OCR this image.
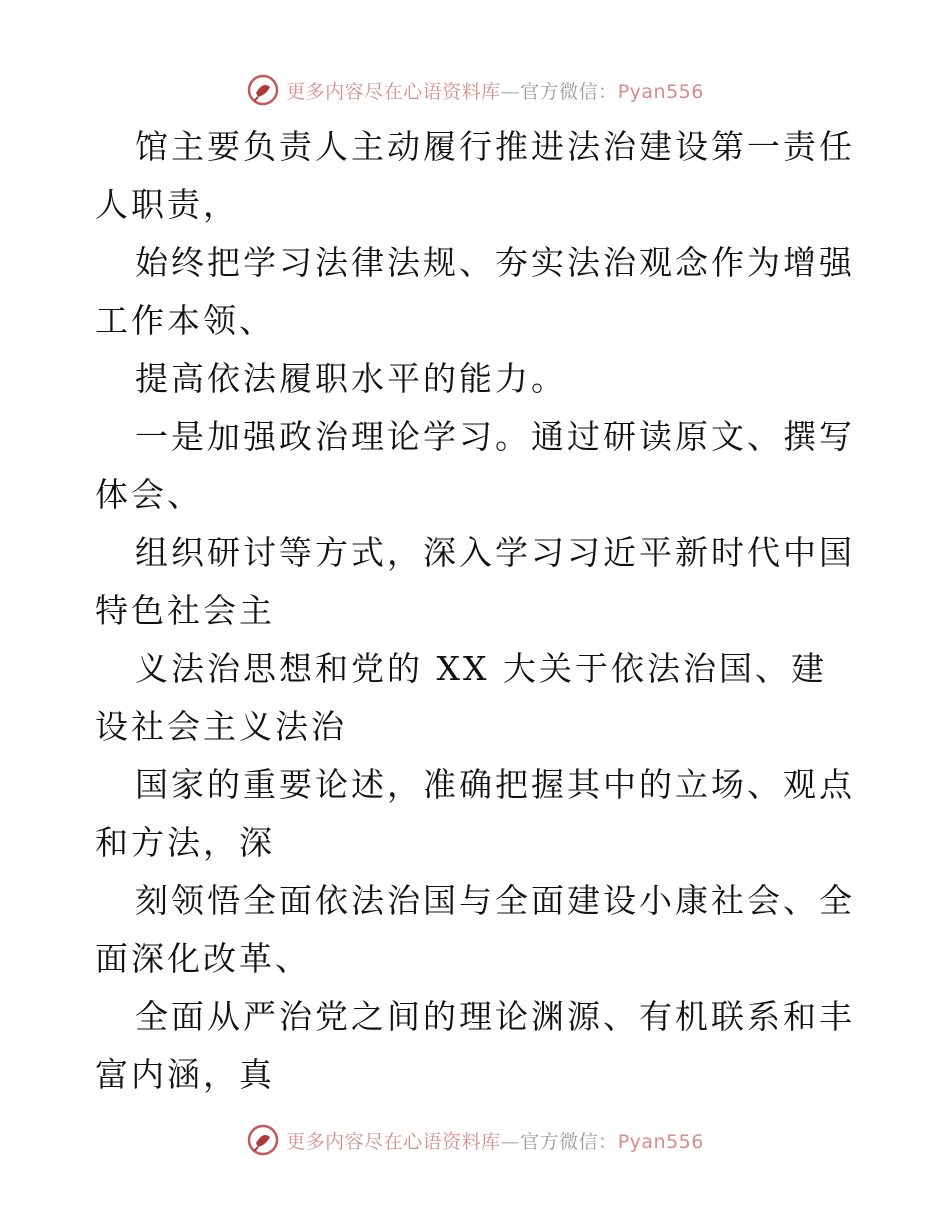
更多内容尽在心语资料库—官方微信：Pyan556

馆主要负责人主动履行推进法治建设第一责任人职责，

始终把学习法律法规、夯实法治观念作为增强工作本领、

提高依法履职水平的能力。

一是加强政治理论学习。通过研读原文、撰写体会、

组织研讨等方式，深入学习习近平新时代中国特色社会主

义法治思想和党的 XX 大关于依法治国、建设社会主义法治

国家的重要论述，准确把握其中的立场、观点和方法，深

刻领悟全面依法治国与全面建设小康社会、全面深化改革、

全面从严治党之间的理论渊源、有机联系和丰富内涵，真

更多内容尽在心语资料库—官方微信：Pyan556
